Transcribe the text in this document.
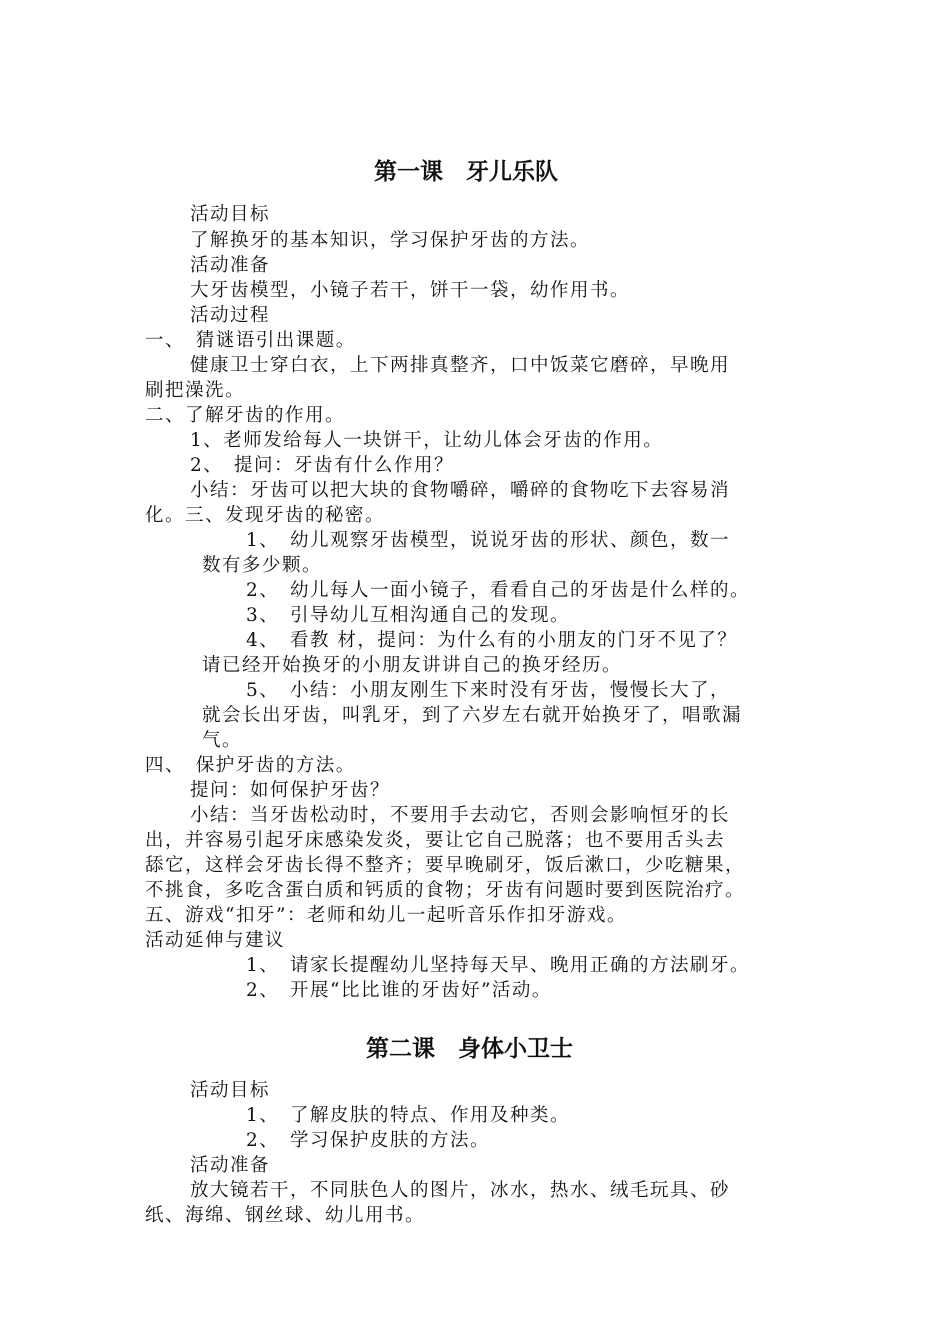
第一课　牙儿乐队
活动目标
了解换牙的基本知识，学习保护牙齿的方法。
活动准备
大牙齿模型，小镜子若干，饼干一袋，幼作用书。
活动过程
一、　猜谜语引出课题。
健康卫士穿白衣，上下两排真整齐，口中饭菜它磨碎，早晚用
刷把澡洗。
二、了解牙齿的作用。
1、老师发给每人一块饼干，让幼儿体会牙齿的作用。
2、　提问：牙齿有什么作用？
小结：牙齿可以把大块的食物嚼碎，嚼碎的食物吃下去容易消
化。三、发现牙齿的秘密。
1、　幼儿观察牙齿模型，说说牙齿的形状、颜色，数一
数有多少颗。
2、　幼儿每人一面小镜子，看看自己的牙齿是什么样的。
3、　引导幼儿互相沟通自己的发现。
4、　看教 材，提问：为什么有的小朋友的门牙不见了？
请已经开始换牙的小朋友讲讲自己的换牙经历。
5、　小结：小朋友刚生下来时没有牙齿，慢慢长大了，
就会长出牙齿，叫乳牙，到了六岁左右就开始换牙了，唱歌漏
气。
四、　保护牙齿的方法。
提问：如何保护牙齿？
小结：当牙齿松动时，不要用手去动它，否则会影响恒牙的长
出，并容易引起牙床感染发炎，要让它自己脱落；也不要用舌头去
舔它，这样会牙齿长得不整齐；要早晚刷牙，饭后漱口，少吃糖果，
不挑食，多吃含蛋白质和钙质的食物；牙齿有问题时要到医院治疗。
五、游戏“扣牙”：老师和幼儿一起听音乐作扣牙游戏。
活动延伸与建议
1、　请家长提醒幼儿坚持每天早、晚用正确的方法刷牙。
2、　开展“比比谁的牙齿好”活动。
第二课　身体小卫士
活动目标
1、　了解皮肤的特点、作用及种类。
2、　学习保护皮肤的方法。
活动准备
放大镜若干，不同肤色人的图片，冰水，热水、绒毛玩具、砂
纸、海绵、钢丝球、幼儿用书。
